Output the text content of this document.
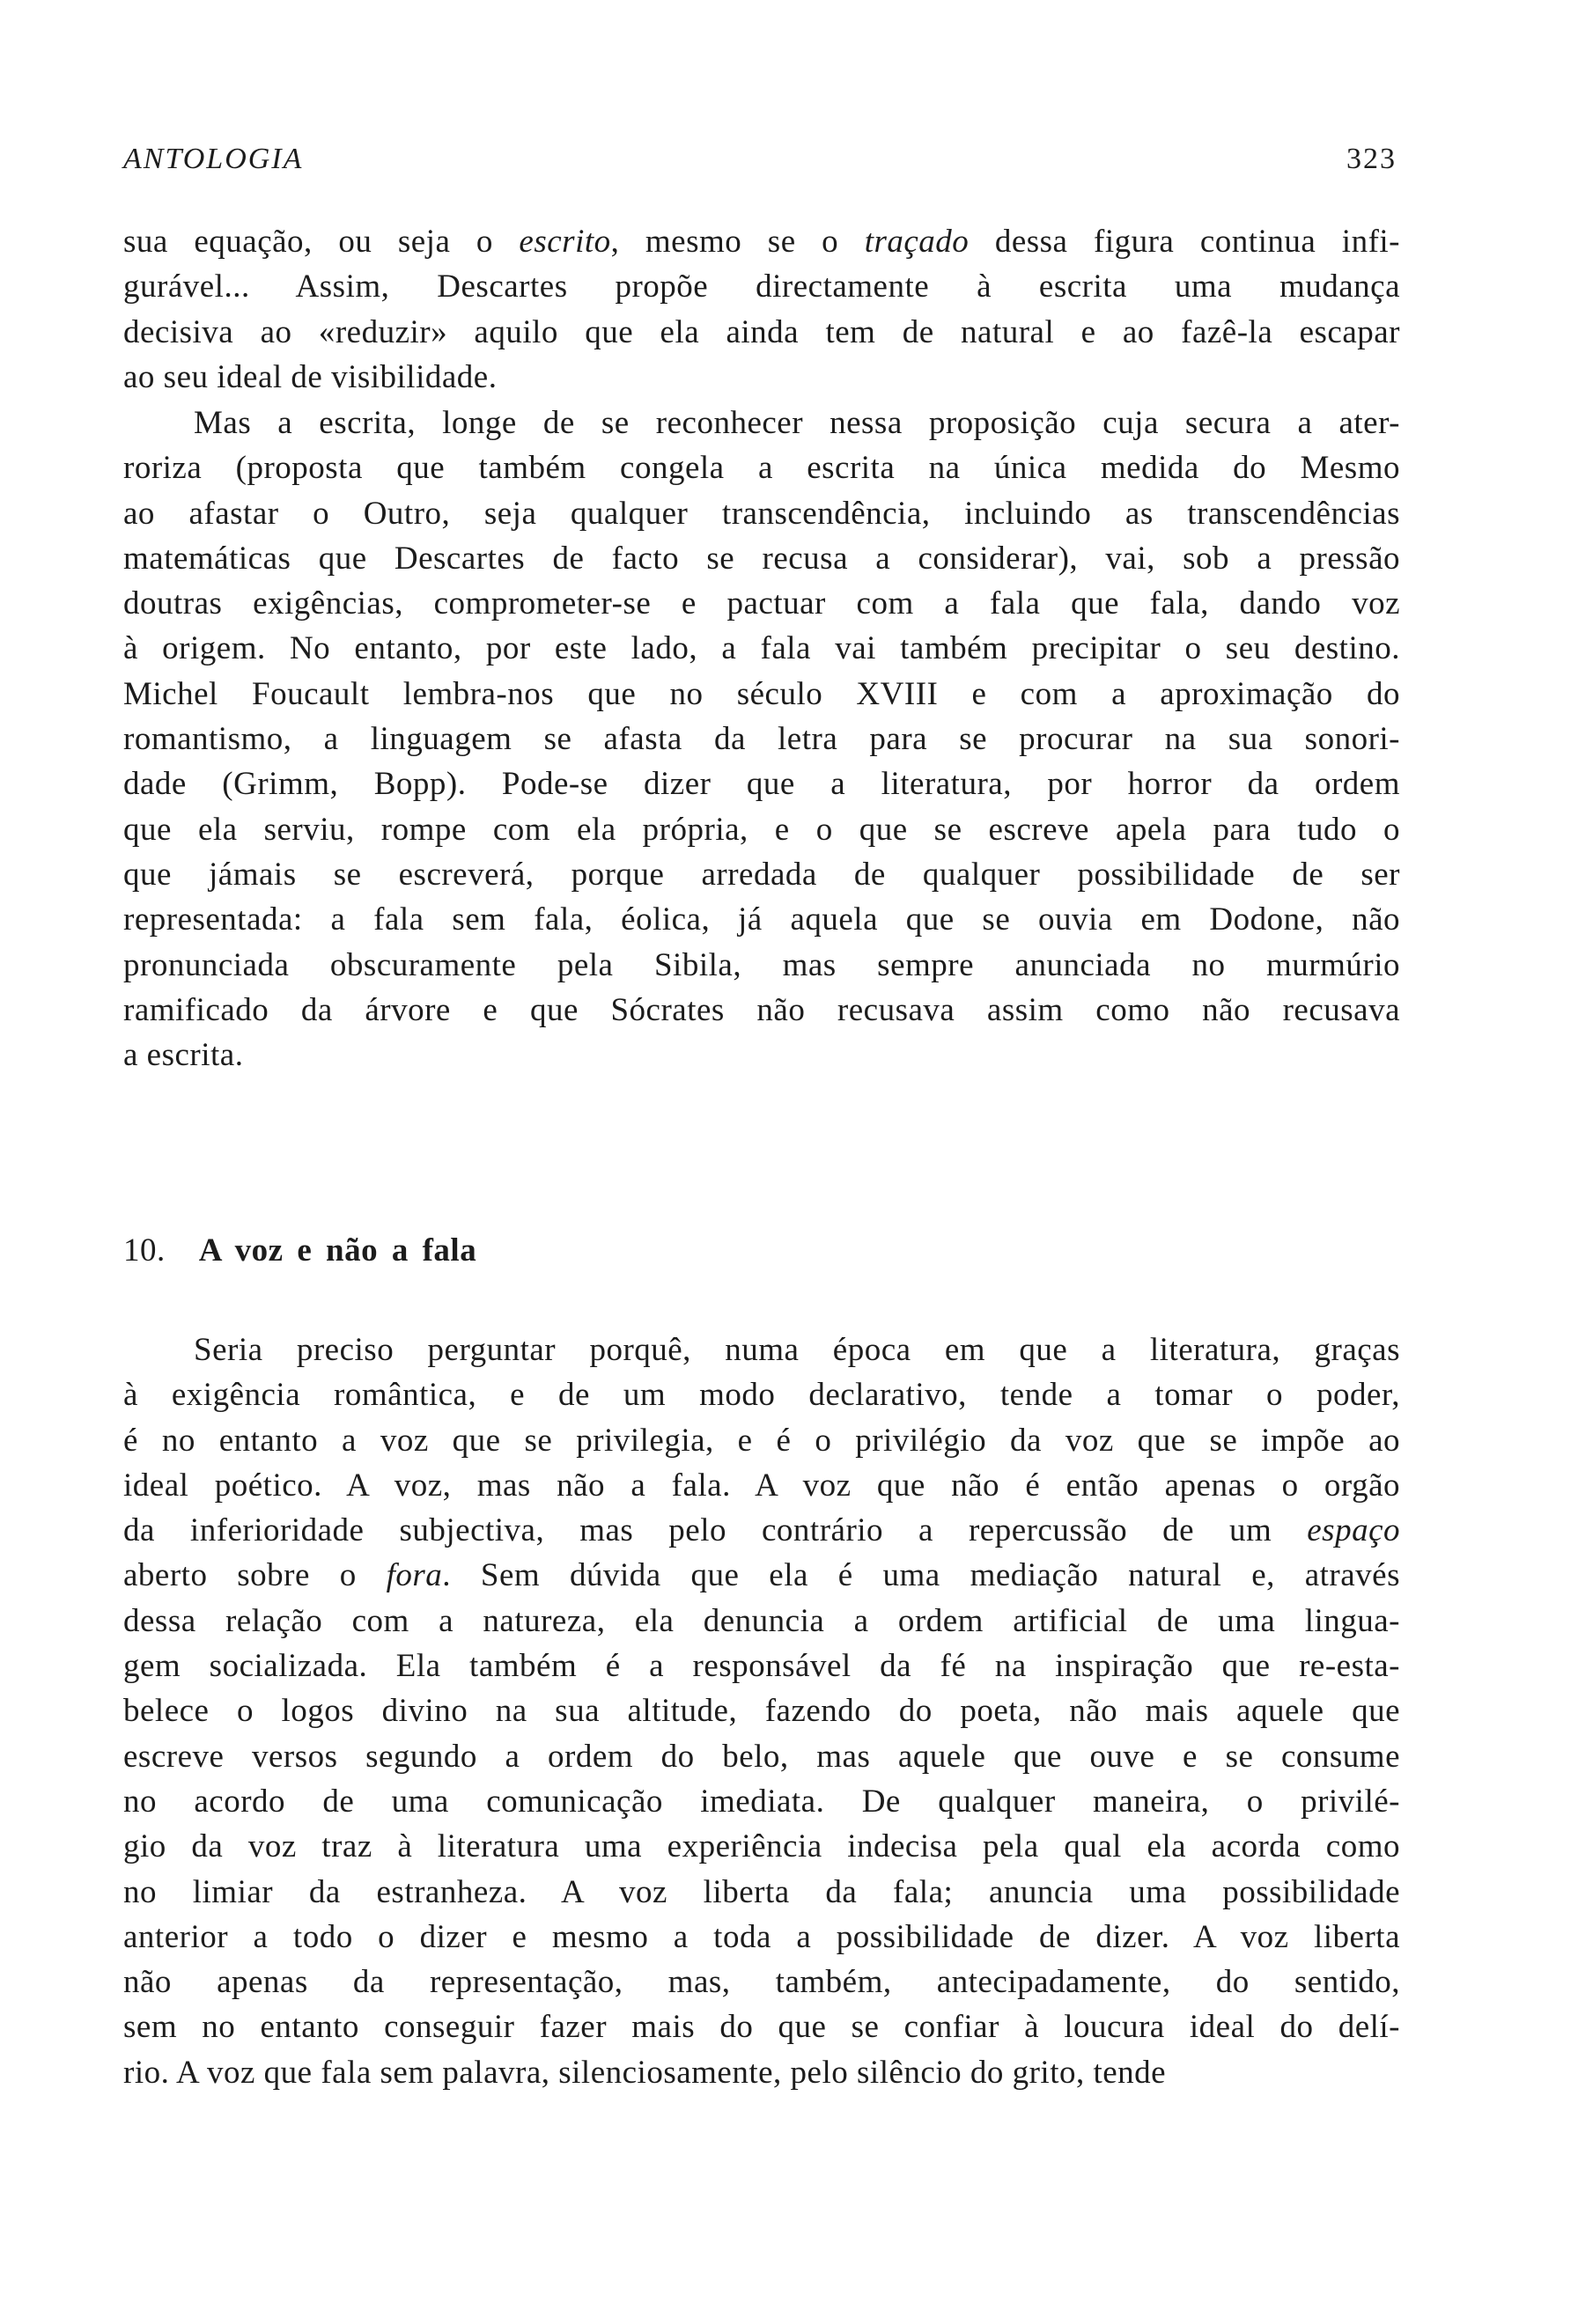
ANTOLOGIA	323
sua equação, ou seja o escrito, mesmo se o traçado dessa figura continua infi-
gurável... Assim, Descartes propõe directamente à escrita uma mudança
decisiva ao «reduzir» aquilo que ela ainda tem de natural e ao fazê-la escapar
ao seu ideal de visibilidade.
Mas a escrita, longe de se reconhecer nessa proposição cuja secura a ater-
roriza (proposta que também congela a escrita na única medida do Mesmo
ao afastar o Outro, seja qualquer transcendência, incluindo as transcendências
matemáticas que Descartes de facto se recusa a considerar), vai, sob a pressão
doutras exigências, comprometer-se e pactuar com a fala que fala, dando voz
à origem. No entanto, por este lado, a fala vai também precipitar o seu destino.
Michel Foucault lembra-nos que no século XVIII e com a aproximação do
romantismo, a linguagem se afasta da letra para se procurar na sua sonori-
dade (Grimm, Bopp). Pode-se dizer que a literatura, por horror da ordem
que ela serviu, rompe com ela própria, e o que se escreve apela para tudo o
que jámais se escreverá, porque arredada de qualquer possibilidade de ser
representada: a fala sem fala, éolica, já aquela que se ouvia em Dodone, não
pronunciada obscuramente pela Sibila, mas sempre anunciada no murmúrio
ramificado da árvore e que Sócrates não recusava assim como não recusava
a escrita.
10. A voz e não a fala
Seria preciso perguntar porquê, numa época em que a literatura, graças
à exigência romântica, e de um modo declarativo, tende a tomar o poder,
é no entanto a voz que se privilegia, e é o privilégio da voz que se impõe ao
ideal poético. A voz, mas não a fala. A voz que não é então apenas o orgão
da inferioridade subjectiva, mas pelo contrário a repercussão de um espaço
aberto sobre o fora. Sem dúvida que ela é uma mediação natural e, através
dessa relação com a natureza, ela denuncia a ordem artificial de uma lingua-
gem socializada. Ela também é a responsável da fé na inspiração que re-esta-
belece o logos divino na sua altitude, fazendo do poeta, não mais aquele que
escreve versos segundo a ordem do belo, mas aquele que ouve e se consume
no acordo de uma comunicação imediata. De qualquer maneira, o privilé-
gio da voz traz à literatura uma experiência indecisa pela qual ela acorda como
no limiar da estranheza. A voz liberta da fala; anuncia uma possibilidade
anterior a todo o dizer e mesmo a toda a possibilidade de dizer. A voz liberta
não apenas da representação, mas, também, antecipadamente, do sentido,
sem no entanto conseguir fazer mais do que se confiar à loucura ideal do delí-
rio. A voz que fala sem palavra, silenciosamente, pelo silêncio do grito, tende
